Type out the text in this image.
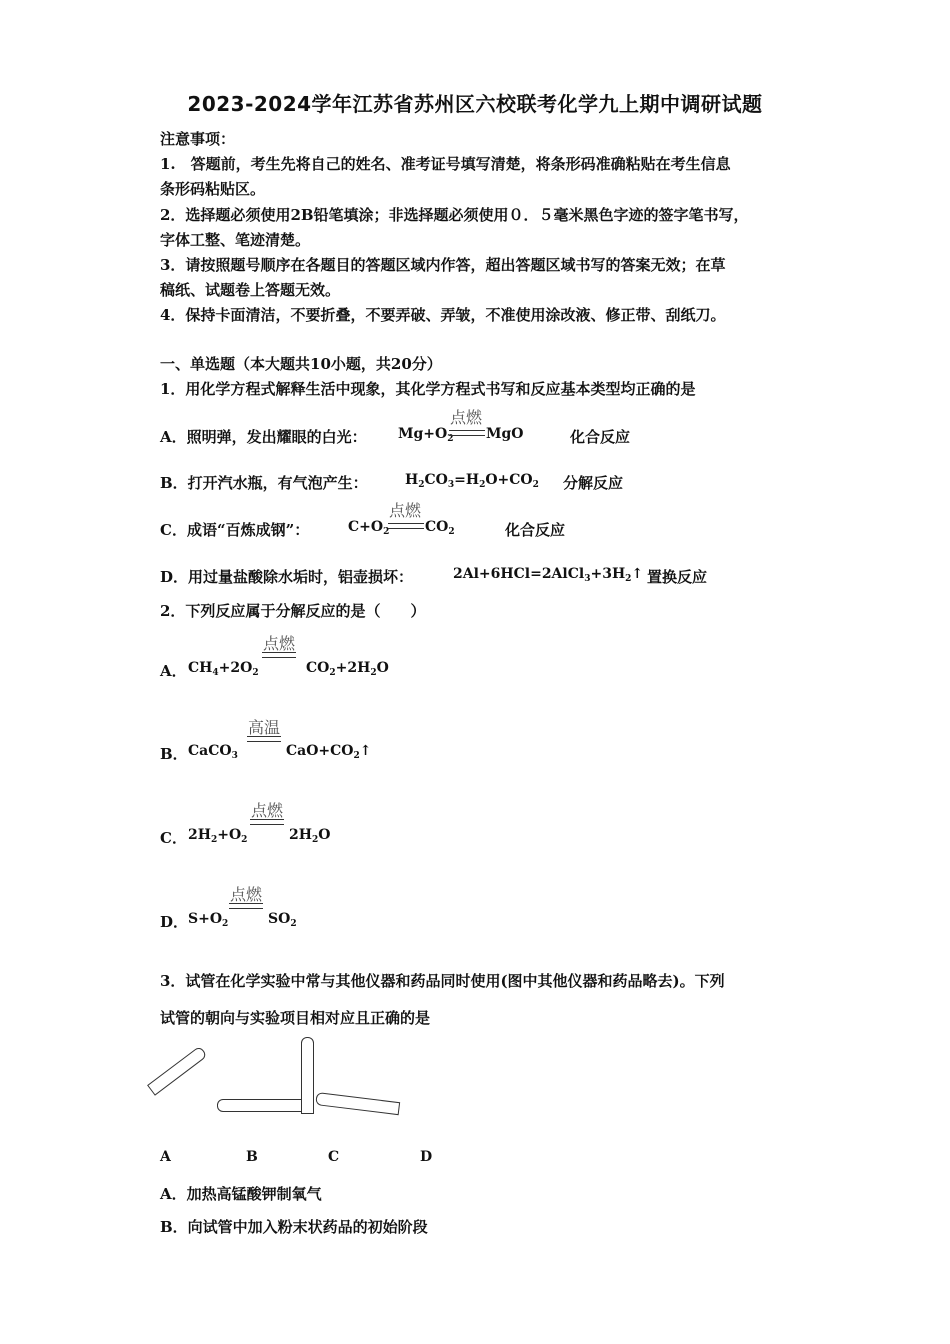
2023-2024学年江苏省苏州区六校联考化学九上期中调研试题
注意事项：
1.　答题前，考生先将自己的姓名、准考证号填写清楚，将条形码准确粘贴在考生信息
条形码粘贴区。
2．选择题必须使用2B铅笔填涂；非选择题必须使用０．５毫米黑色字迹的签字笔书写，
字体工整、笔迹清楚。
3．请按照题号顺序在各题目的答题区域内作答，超出答题区域书写的答案无效；在草
稿纸、试题卷上答题无效。
4．保持卡面清洁，不要折叠，不要弄破、弄皱，不准使用涂改液、修正带、刮纸刀。
一、单选题（本大题共10小题，共20分）
1．用化学方程式解释生活中现象，其化学方程式书写和反应基本类型均正确的是
A．照明弹，发出耀眼的白光： $Mg+O_2$
点燃
MgO	化合反应
B．打开汽水瓶，有气泡产生：	$H_2CO_3=H_2O+CO_2$ 分解反应
C．成语“百炼成钢”：	$C+O_2$
点燃
$CO_2$	化合反应
D．用过量盐酸除水垢时，铝壶损坏：	$2Al+6HCl=2AlCl_3+3H_2↑$ 置换反应
2．下列反应属于分解反应的是（　　）
A． $CH_4+2O_2$
点燃
$CO_2+2H_2O$
B． CaCO$_3$
高温
$CaO+CO_2↑$
C． $2H_2+O_2$
点燃
$2H_2O$
D． $S+O_2$
点燃
$SO_2$
3．试管在化学实验中常与其他仪器和药品同时使用(图中其他仪器和药品略去)。下列
试管的朝向与实验项目相对应且正确的是
A	B	C	D
A．加热高锰酸钾制氧气
B．向试管中加入粉末状药品的初始阶段
